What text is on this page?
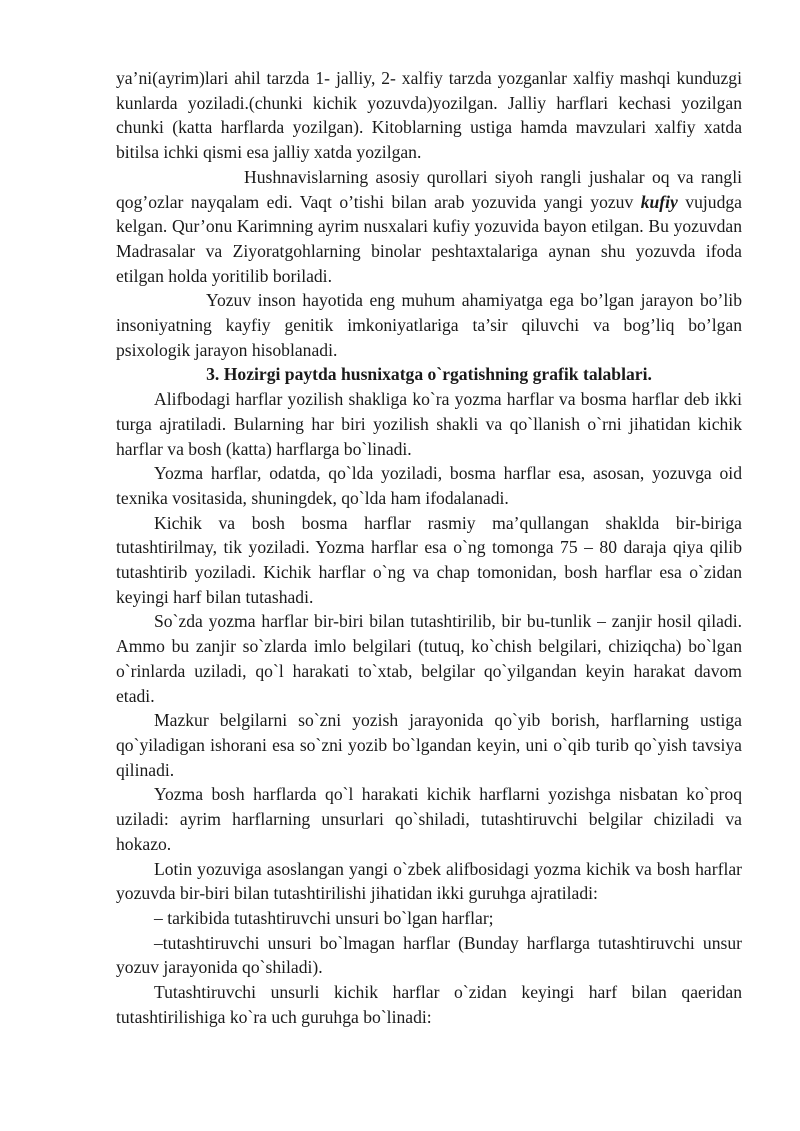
ya’ni(ayrim)lari ahil tarzda 1- jalliy, 2- xalfiy tarzda yozganlar xalfiy mashqi kunduzgi kunlarda yoziladi.(chunki kichik yozuvda)yozilgan. Jalliy harflari kechasi yozilgan chunki (katta harflarda yozilgan). Kitoblarning ustiga hamda mavzulari xalfiy xatda bitilsa ichki qismi esa jalliy xatda yozilgan.

Hushnavislarning asosiy qurollari siyoh rangli jushalar oq va rangli qog’ozlar nayqalam edi. Vaqt o’tishi bilan arab yozuvida yangi yozuv kufiy vujudga kelgan. Qur’onu Karimning ayrim nusxalari kufiy yozuvida bayon etilgan. Bu yozuvdan Madrasalar va Ziyoratgohlarning binolar peshtaxtalariga aynan shu yozuvda ifoda etilgan holda yoritilib boriladi.

Yozuv inson hayotida eng muhum ahamiyatga ega bo’lgan jarayon bo’lib insoniyatning kayfiy genitik imkoniyatlariga ta’sir qiluvchi va bog’liq bo’lgan psixologik jarayon hisoblanadi.

3. Hozirgi paytda husnixatga o`rgatishning grafik talablari.

Alifbodagi harflar yozilish shakliga ko`ra yozma harflar va bosma harflar deb ikki turga ajratiladi. Bularning har biri yozilish shakli va qo`llanish o`rni jihatidan kichik harflar va bosh (katta) harflarga bo`linadi.

Yozma harflar, odatda, qo`lda yoziladi, bosma harflar esa, asosan, yozuvga oid texnika vositasida, shuningdek, qo`lda ham ifodalanadi.

Kichik va bosh bosma harflar rasmiy ma’qullangan shaklda bir-biriga tutashtirilmay, tik yoziladi. Yozma harflar esa o`ng tomonga 75 – 80 daraja qiya qilib tutashtirib yoziladi. Kichik harflar o`ng va chap tomonidan, bosh harflar esa o`zidan keyingi harf bilan tutashadi.

So`zda yozma harflar bir-biri bilan tutashtirilib, bir bu-tunlik – zanjir hosil qiladi. Ammo bu zanjir so`zlarda imlo belgilari (tutuq, ko`chish belgilari, chiziqcha) bo`lgan o`rinlarda uziladi, qo`l harakati to`xtab, belgilar qo`yilgandan keyin harakat davom etadi.

Mazkur belgilarni so`zni yozish jarayonida qo`yib borish, harflarning ustiga qo`yiladigan ishorani esa so`zni yozib bo`lgandan keyin, uni o`qib turib qo`yish tavsiya qilinadi.

Yozma bosh harflarda qo`l harakati kichik harflarni yozishga nisbatan ko`proq uziladi: ayrim harflarning unsurlari qo`shiladi, tutashtiruvchi belgilar chiziladi va hokazo.

Lotin yozuviga asoslangan yangi o`zbek alifbosidagi yozma kichik va bosh harflar yozuvda bir-biri bilan tutashtirilishi jihatidan ikki guruhga ajratiladi:

– tarkibida tutashtiruvchi unsuri bo`lgan harflar;

–tutashtiruvchi unsuri bo`lmagan harflar (Bunday harflarga tutashtiruvchi unsur yozuv jarayonida qo`shiladi).

Tutashtiruvchi unsurli kichik harflar o`zidan keyingi harf bilan qaeridan tutashtirilishiga ko`ra uch guruhga bo`linadi:
